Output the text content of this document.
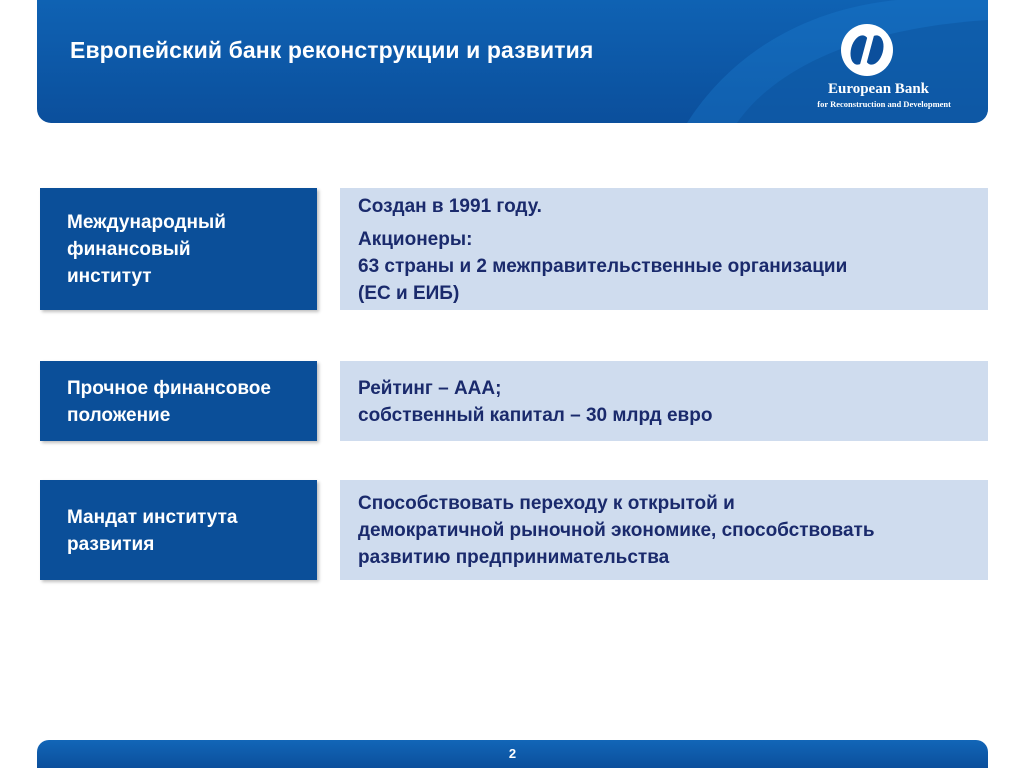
Европейский банк реконструкции и развития
European Bank
for Reconstruction and Development
Международный
финансовый
институт
Создан в 1991 году.
Акционеры:
63 страны и 2 межправительственные организации
(ЕС и ЕИБ)
Прочное финансовое
положение
Рейтинг – ААА;
собственный капитал – 30 млрд евро
Мандат института
развития
Способствовать переходу к открытой и
демократичной рыночной экономике, способствовать
развитию предпринимательства
2
